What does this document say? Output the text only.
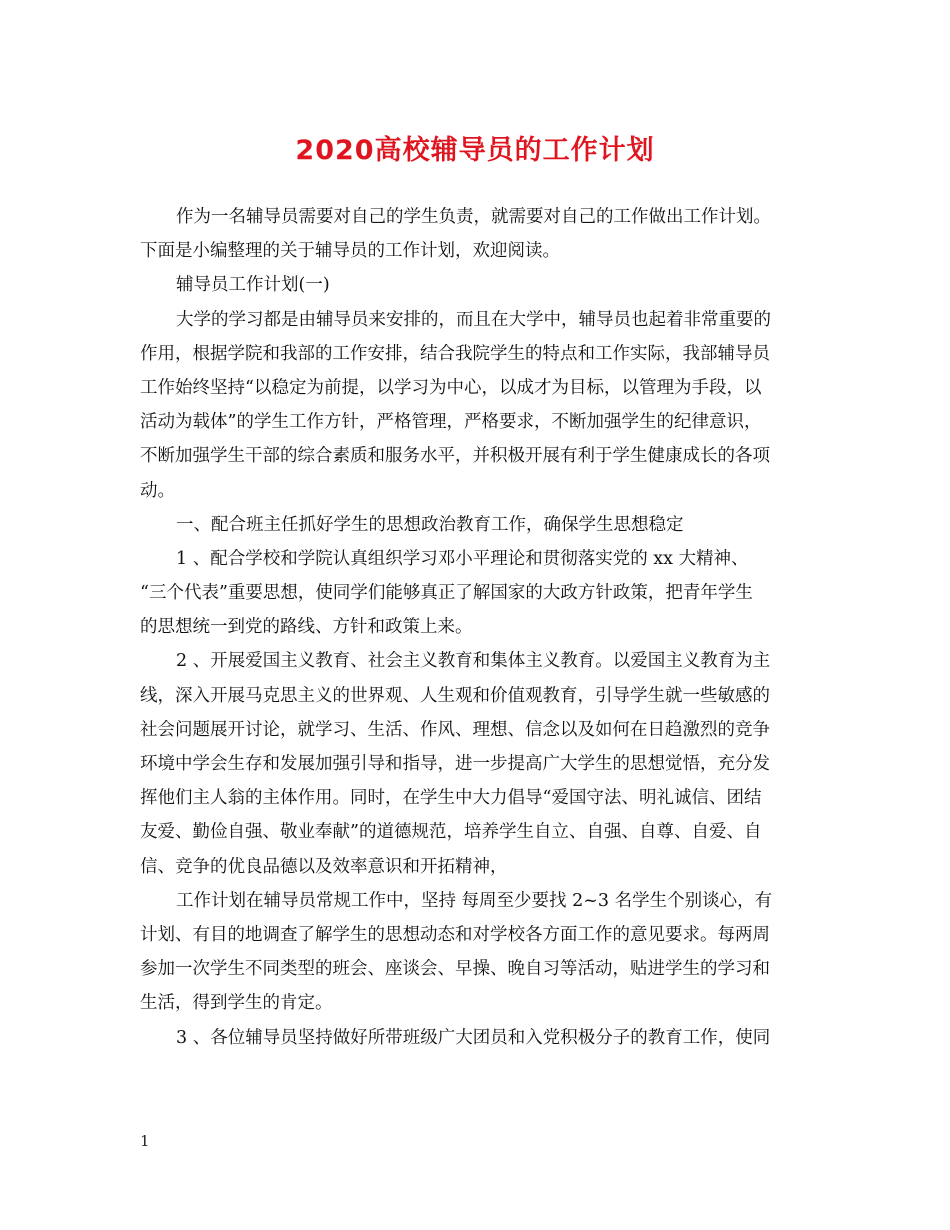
2020高校辅导员的工作计划
作为一名辅导员需要对自己的学生负责，就需要对自己的工作做出工作计划。
下面是小编整理的关于辅导员的工作计划，欢迎阅读。
辅导员工作计划(一)
大学的学习都是由辅导员来安排的，而且在大学中，辅导员也起着非常重要的
作用，根据学院和我部的工作安排，结合我院学生的特点和工作实际，我部辅导员
工作始终坚持“以稳定为前提，以学习为中心，以成才为目标，以管理为手段，以
活动为载体”的学生工作方针，严格管理，严格要求，不断加强学生的纪律意识，
不断加强学生干部的综合素质和服务水平，并积极开展有利于学生健康成长的各项
动。
一、配合班主任抓好学生的思想政治教育工作，确保学生思想稳定
1 、配合学校和学院认真组织学习邓小平理论和贯彻落实党的 xx 大精神、
“三个代表”重要思想，使同学们能够真正了解国家的大政方针政策，把青年学生
的思想统一到党的路线、方针和政策上来。
2 、开展爱国主义教育、社会主义教育和集体主义教育。以爱国主义教育为主
线，深入开展马克思主义的世界观、人生观和价值观教育，引导学生就一些敏感的
社会问题展开讨论，就学习、生活、作风、理想、信念以及如何在日趋激烈的竞争
环境中学会生存和发展加强引导和指导，进一步提高广大学生的思想觉悟，充分发
挥他们主人翁的主体作用。同时，在学生中大力倡导“爱国守法、明礼诚信、团结
友爱、勤俭自强、敬业奉献”的道德规范，培养学生自立、自强、自尊、自爱、自
信、竞争的优良品德以及效率意识和开拓精神，
工作计划在辅导员常规工作中，坚持 每周至少要找 2~3 名学生个别谈心，有
计划、有目的地调查了解学生的思想动态和对学校各方面工作的意见要求。每两周
参加一次学生不同类型的班会、座谈会、早操、晚自习等活动，贴进学生的学习和
生活，得到学生的肯定。
3 、各位辅导员坚持做好所带班级广大团员和入党积极分子的教育工作，使同
1
